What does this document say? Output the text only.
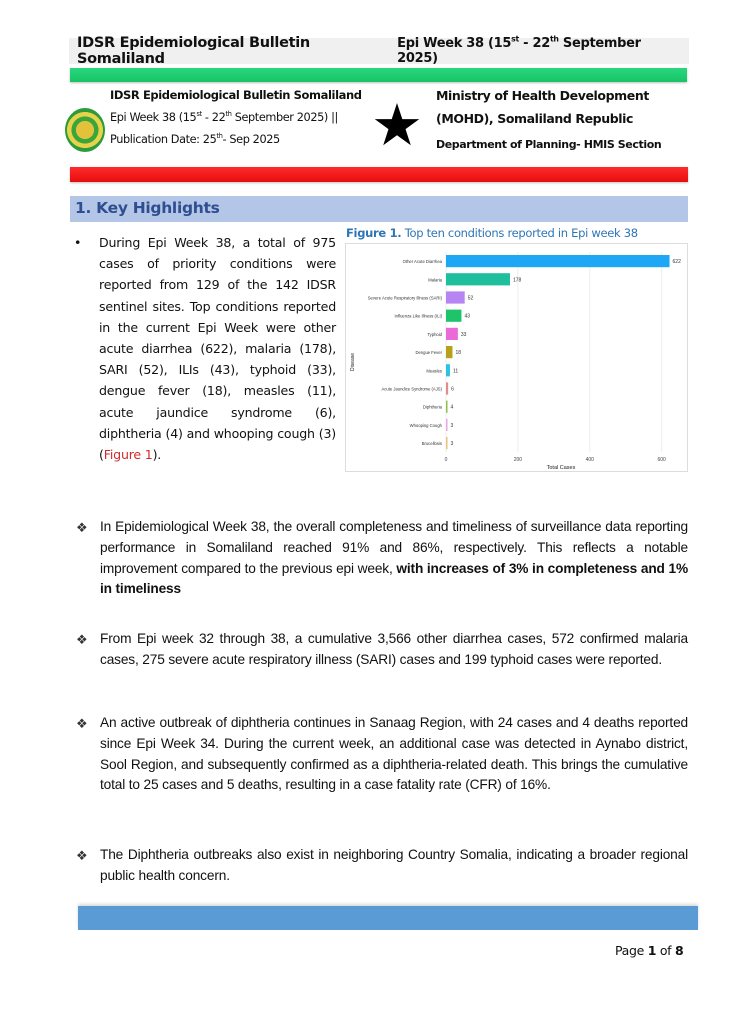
IDSR Epidemiological Bulletin Somaliland
Epi Week 38 (15st - 22th September 2025)
IDSR Epidemiological Bulletin Somaliland
Epi Week 38 (15st - 22th September 2025) ||
Publication Date: 25th- Sep 2025	★ Ministry of Health Development
(MOHD), Somaliland Republic
Department of Planning- HMIS Section
1. Key Highlights
• During Epi Week 38, a total of 975 cases of priority conditions were reported from 129 of the 142 IDSR sentinel sites. Top conditions reported in the current Epi Week were other acute diarrhea (622), malaria (178), SARI (52), ILIs (43), typhoid (33), dengue fever (18), measles (11), acute jaundice syndrome (6), diphtheria (4) and whooping cough (3) (Figure 1).

Figure 1. Top ten conditions reported in Epi week 38
0	200	400	600
Other Acute Diarrhea	622
Malaria	178
Severe Acute Respiratory Illness (SARI)	52
Influenza Like Illness (ILI)	43
Typhoid	33
Dengue Fever	18
Measles 11
Acute Jaundice Syndrome (AJS) 6
Diphtheria 4
Whooping Cough 3
Brucellosis 3
Total Cases
Disease
❖ In Epidemiological Week 38, the overall completeness and timeliness of surveillance data reporting performance in Somaliland reached 91% and 86%, respectively. This reflects a notable improvement compared to the previous epi week, with increases of 3% in completeness and 1% in timeliness

❖ From Epi week 32 through 38, a cumulative 3,566 other diarrhea cases, 572 confirmed malaria cases, 275 severe acute respiratory illness (SARI) cases and 199 typhoid cases were reported.

❖ An active outbreak of diphtheria continues in Sanaag Region, with 24 cases and 4 deaths reported since Epi Week 34. During the current week, an additional case was detected in Aynabo district, Sool Region, and subsequently confirmed as a diphtheria-related death. This brings the cumulative total to 25 cases and 5 deaths, resulting in a case fatality rate (CFR) of 16%.

❖ The Diphtheria outbreaks also exist in neighboring Country Somalia, indicating a broader regional public health concern.

Page 1 of 8
